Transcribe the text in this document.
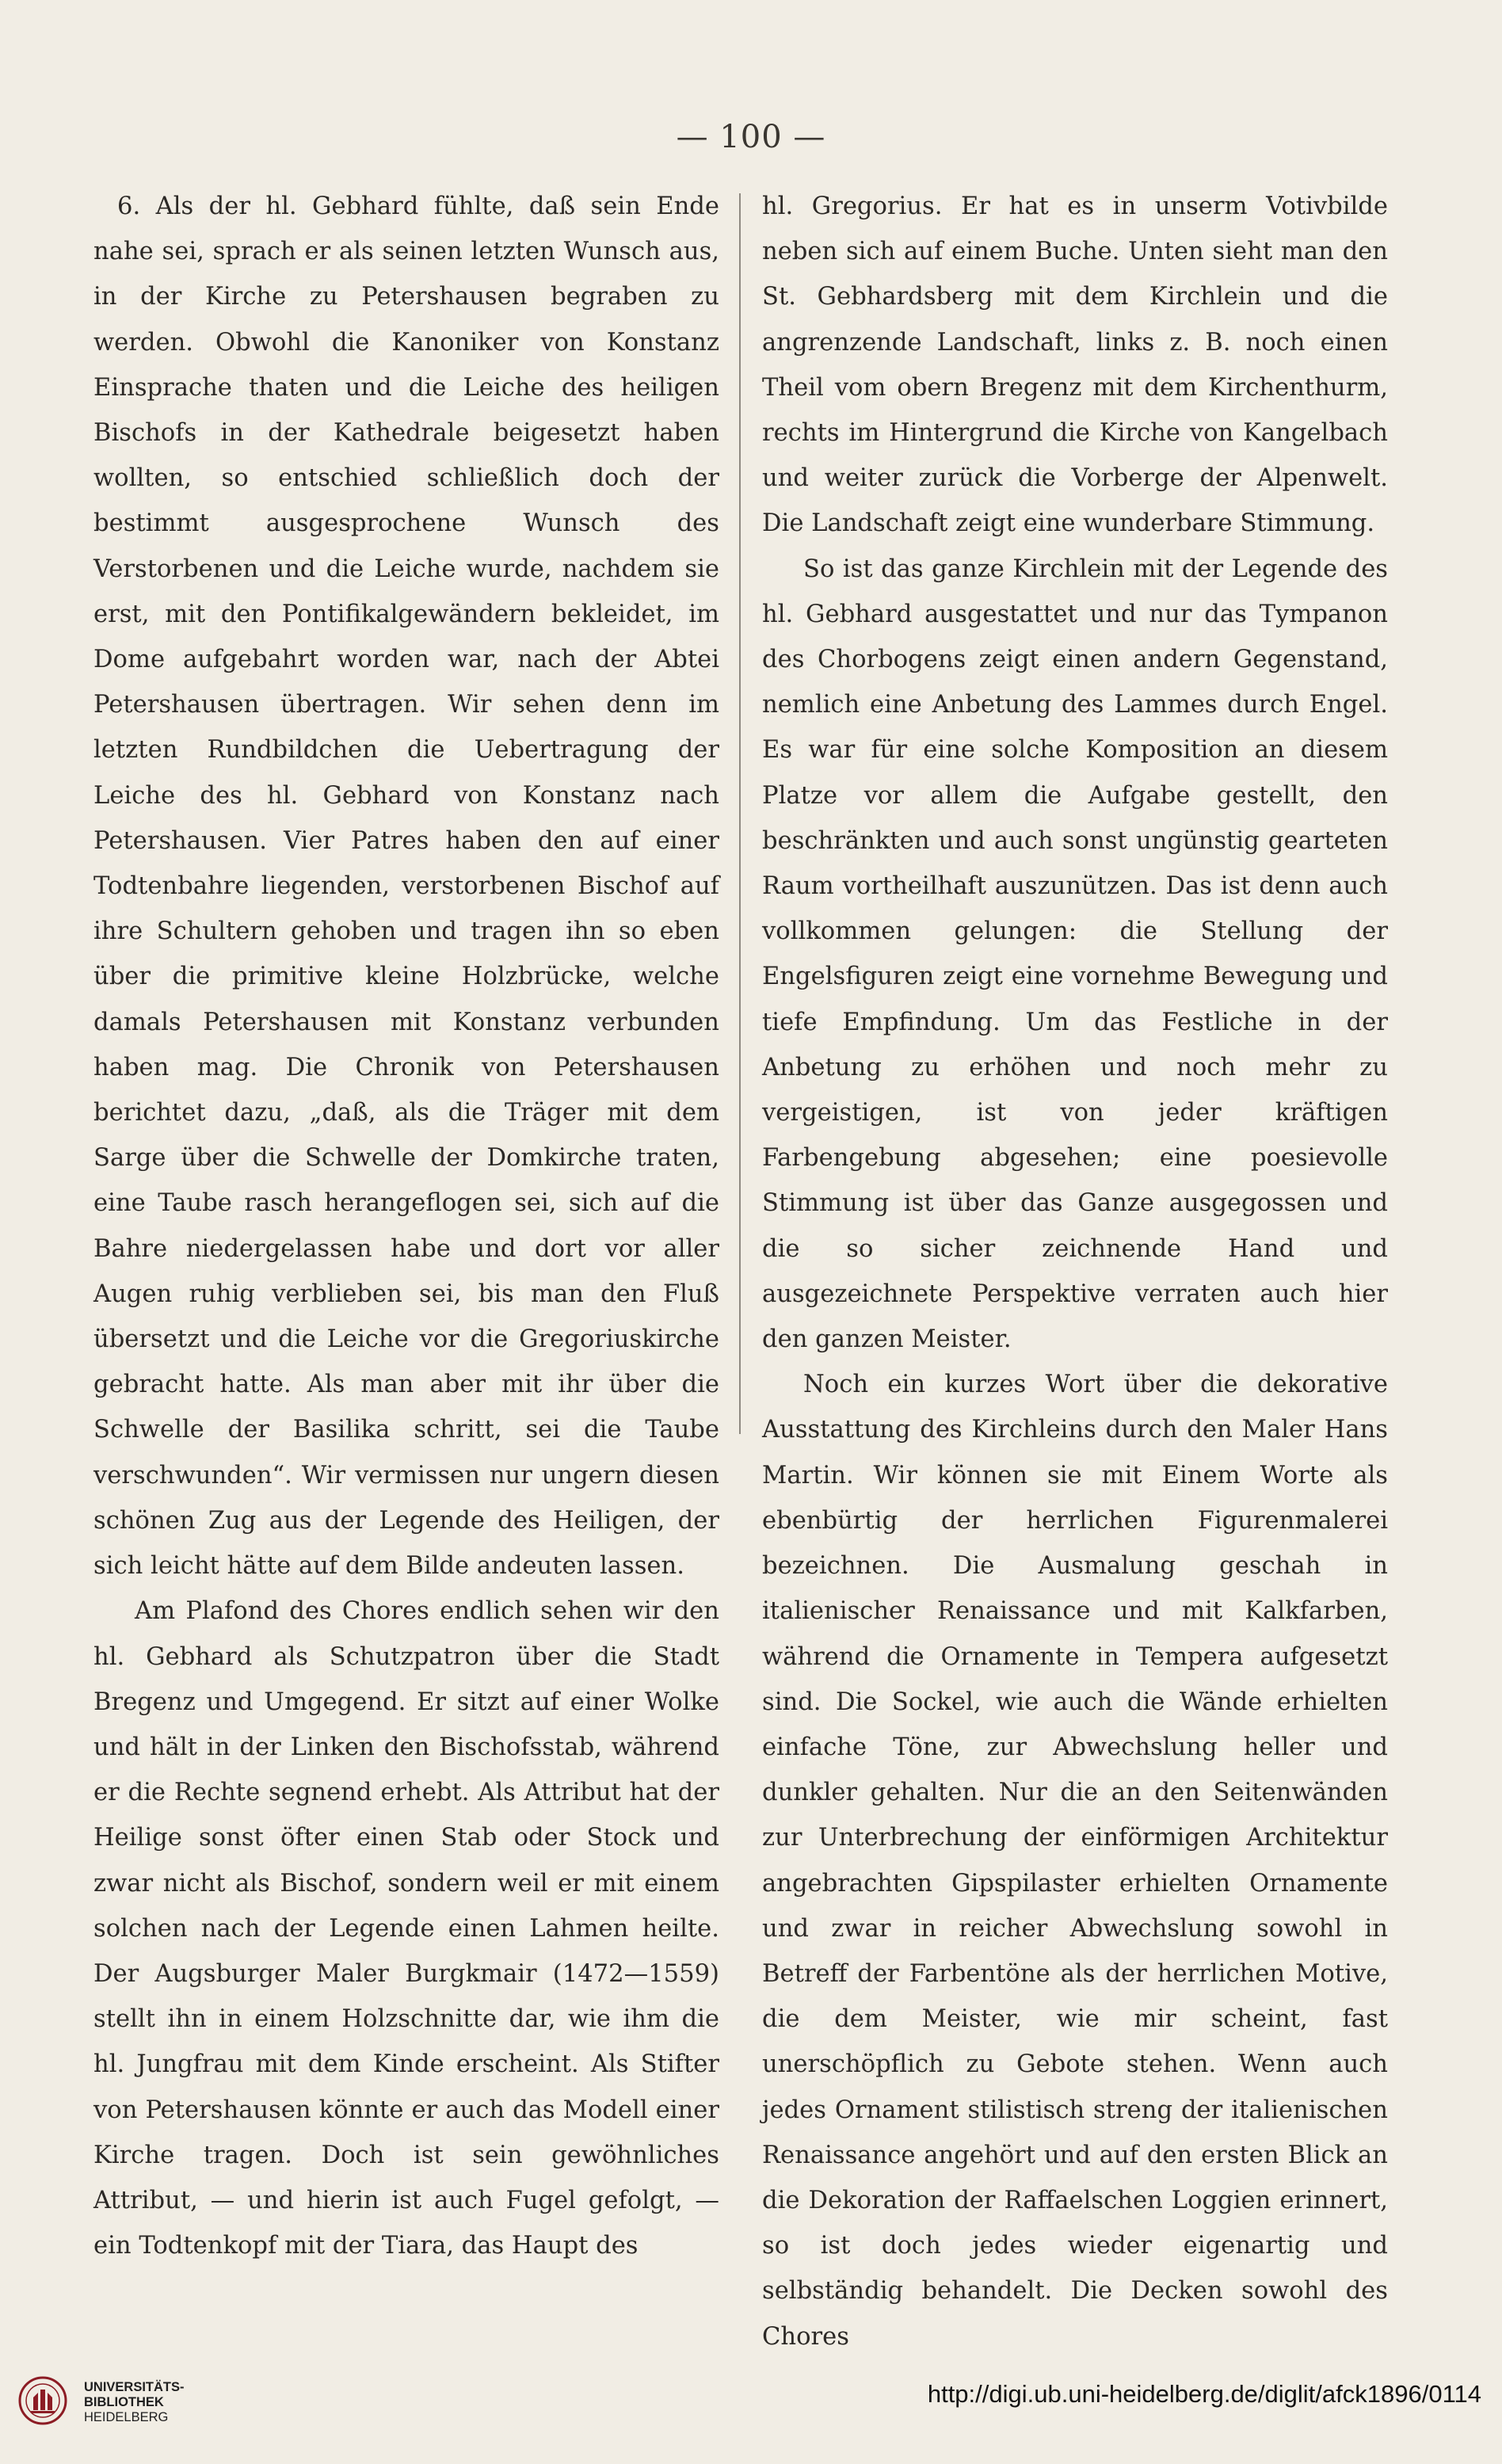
— 100 —

6. Als der hl. Gebhard fühlte, daß sein Ende nahe sei, sprach er als seinen letzten Wunsch aus, in der Kirche zu Petershausen begraben zu werden. Obwohl die Kanoniker von Konstanz Einsprache thaten und die Leiche des heiligen Bischofs in der Kathedrale beigesetzt haben wollten, so entschied schließlich doch der bestimmt ausgesprochene Wunsch des Verstorbenen und die Leiche wurde, nachdem sie erst, mit den Pontifikalgewändern bekleidet, im Dome aufgebahrt worden war, nach der Abtei Petershausen übertragen. Wir sehen denn im letzten Rundbildchen die Uebertragung der Leiche des hl. Gebhard von Konstanz nach Petershausen. Vier Patres haben den auf einer Todtenbahre liegenden, verstorbenen Bischof auf ihre Schultern gehoben und tragen ihn so eben über die primitive kleine Holzbrücke, welche damals Petershausen mit Konstanz verbunden haben mag. Die Chronik von Petershausen berichtet dazu, „daß, als die Träger mit dem Sarge über die Schwelle der Domkirche traten, eine Taube rasch herangeflogen sei, sich auf die Bahre niedergelassen habe und dort vor aller Augen ruhig verblieben sei, bis man den Fluß übersetzt und die Leiche vor die Gregoriuskirche gebracht hatte. Als man aber mit ihr über die Schwelle der Basilika schritt, sei die Taube verschwunden“. Wir vermissen nur ungern diesen schönen Zug aus der Legende des Heiligen, der sich leicht hätte auf dem Bilde andeuten lassen.

Am Plafond des Chores endlich sehen wir den hl. Gebhard als Schutzpatron über die Stadt Bregenz und Umgegend. Er sitzt auf einer Wolke und hält in der Linken den Bischofsstab, während er die Rechte segnend erhebt. Als Attribut hat der Heilige sonst öfter einen Stab oder Stock und zwar nicht als Bischof, sondern weil er mit einem solchen nach der Legende einen Lahmen heilte. Der Augsburger Maler Burgkmair (1472—1559) stellt ihn in einem Holzschnitte dar, wie ihm die hl. Jungfrau mit dem Kinde erscheint. Als Stifter von Petershausen könnte er auch das Modell einer Kirche tragen. Doch ist sein gewöhnliches Attribut, — und hierin ist auch Fugel gefolgt, — ein Todtenkopf mit der Tiara, das Haupt des

hl. Gregorius. Er hat es in unserm Votivbilde neben sich auf einem Buche. Unten sieht man den St. Gebhardsberg mit dem Kirchlein und die angrenzende Landschaft, links z. B. noch einen Theil vom obern Bregenz mit dem Kirchenthurm, rechts im Hintergrund die Kirche von Kangelbach und weiter zurück die Vorberge der Alpenwelt. Die Landschaft zeigt eine wunderbare Stimmung.

So ist das ganze Kirchlein mit der Legende des hl. Gebhard ausgestattet und nur das Tympanon des Chorbogens zeigt einen andern Gegenstand, nemlich eine Anbetung des Lammes durch Engel. Es war für eine solche Komposition an diesem Platze vor allem die Aufgabe gestellt, den beschränkten und auch sonst ungünstig gearteten Raum vortheilhaft auszunützen. Das ist denn auch vollkommen gelungen: die Stellung der Engelsfiguren zeigt eine vornehme Bewegung und tiefe Empfindung. Um das Festliche in der Anbetung zu erhöhen und noch mehr zu vergeistigen, ist von jeder kräftigen Farbengebung abgesehen; eine poesievolle Stimmung ist über das Ganze ausgegossen und die so sicher zeichnende Hand und ausgezeichnete Perspektive verraten auch hier den ganzen Meister.

Noch ein kurzes Wort über die dekorative Ausstattung des Kirchleins durch den Maler Hans Martin. Wir können sie mit Einem Worte als ebenbürtig der herrlichen Figurenmalerei bezeichnen. Die Ausmalung geschah in italienischer Renaissance und mit Kalkfarben, während die Ornamente in Tempera aufgesetzt sind. Die Sockel, wie auch die Wände erhielten einfache Töne, zur Abwechslung heller und dunkler gehalten. Nur die an den Seitenwänden zur Unterbrechung der einförmigen Architektur angebrachten Gipspilaster erhielten Ornamente und zwar in reicher Abwechslung sowohl in Betreff der Farbentöne als der herrlichen Motive, die dem Meister, wie mir scheint, fast unerschöpflich zu Gebote stehen. Wenn auch jedes Ornament stilistisch streng der italienischen Renaissance angehört und auf den ersten Blick an die Dekoration der Raffaelschen Loggien erinnert, so ist doch jedes wieder eigenartig und selbständig behandelt. Die Decken sowohl des Chores

UNIVERSITÄTS-
BIBLIOTHEK
HEIDELBERG
http://digi.ub.uni-heidelberg.de/diglit/afck1896/0114
